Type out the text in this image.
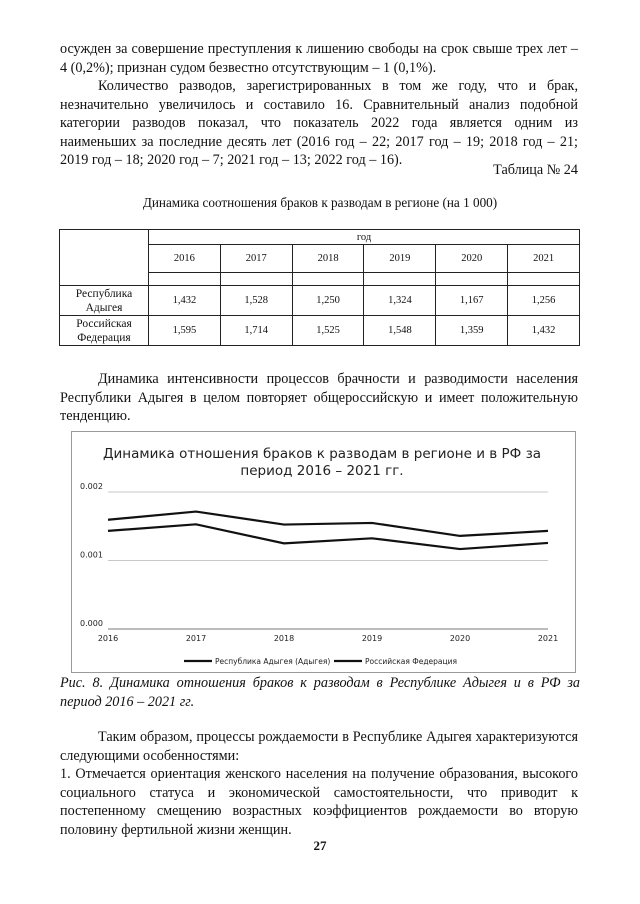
осужден за совершение преступления к лишению свободы на срок свыше трех лет – 4 (0,2%); признан судом безвестно отсутствующим – 1 (0,1%).

Количество разводов, зарегистрированных в том же году, что и брак, незначительно увеличилось и составило 16. Сравнительный анализ подобной категории разводов показал, что показатель 2022 года является одним из наименьших за последние десять лет (2016 год – 22; 2017 год – 19; 2018 год – 21; 2019 год – 18; 2020 год – 7; 2021 год – 13; 2022 год – 16).

Таблица № 24

Динамика соотношения браков к разводам в регионе (на 1 000)

	год					
	2016	2017	2018	2019	2020	2021

Республика Адыгея	1,432	1,528	1,250	1,324	1,167	1,256
Российская Федерация	1,595	1,714	1,525	1,548	1,359	1,432

Динамика интенсивности процессов брачности и разводимости населения Республики Адыгея в целом повторяет общероссийскую и имеет положительную тенденцию.

Динамика отношения браков к разводам в регионе и в РФ за период 2016 – 2021 гг.
0.000
0.001
0.002
2016	2017	2018	2019	2020	2021
Республика Адыгея (Адыгея)	Российская Федерация

Рис. 8. Динамика отношения браков к разводам в Республике Адыгея и в РФ за период 2016 – 2021 гг.

Таким образом, процессы рождаемости в Республике Адыгея характеризуются следующими особенностями:
1. Отмечается ориентация женского населения на получение образования, высокого социального статуса и экономической самостоятельности, что приводит к постепенному смещению возрастных коэффициентов рождаемости во вторую половину фертильной жизни женщин.

27
